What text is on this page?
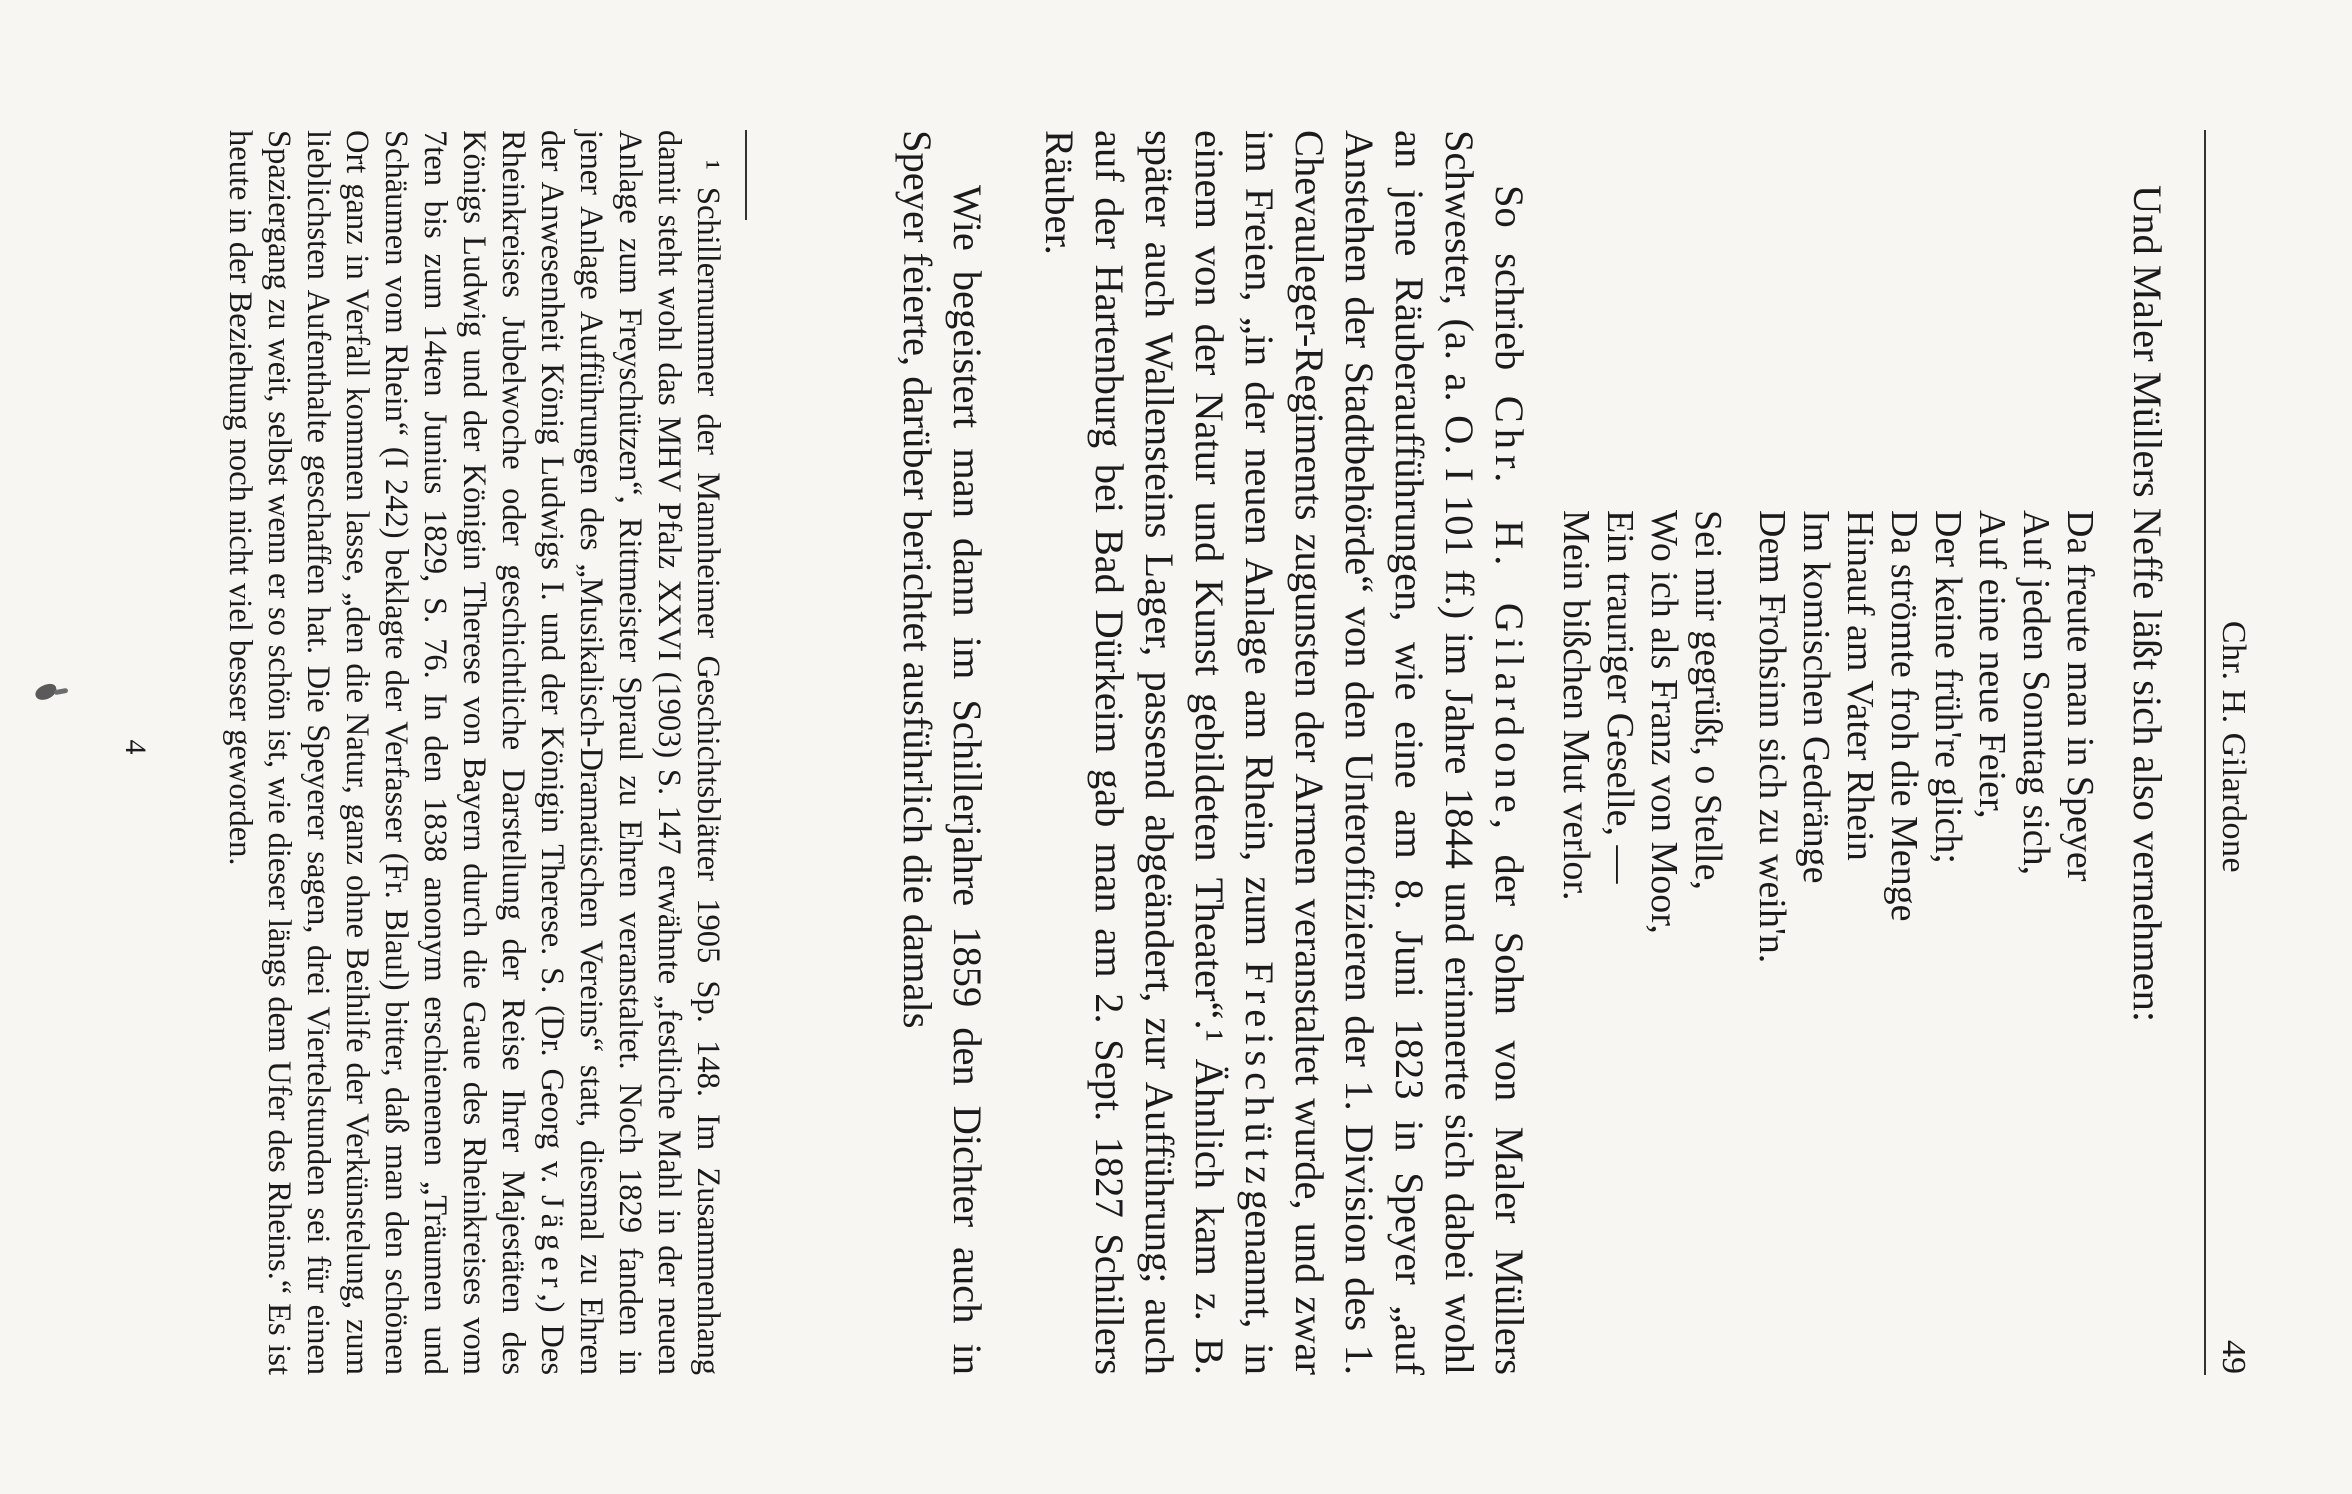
Chr. H. Gilardone
49

Und Maler Müllers Neffe läßt sich also vernehmen:

Da freute man in Speyer
Auf jeden Sonntag sich,
Auf eine neue Feier,
Der keine früh're glich;
Da strömte froh die Menge
Hinauf am Vater Rhein
Im komischen Gedränge
Dem Frohsinn sich zu weih'n.
Sei mir gegrüßt, o Stelle,
Wo ich als Franz von Moor,
Ein trauriger Geselle, —
Mein bißchen Mut verlor.

So schrieb Chr. H. Gilardone, der Sohn von Maler Müllers Schwester, (a. a. O. I 101 ff.) im Jahre 1844 und erinnerte sich dabei wohl an jene Räuberaufführungen, wie eine am 8. Juni 1823 in Speyer „auf Anstehen der Stadtbehörde“ von den Unteroffizieren der 1. Division des 1. Chevauleger-Regiments zugunsten der Armen veranstaltet wurde, und zwar im Freien, „in der neuen Anlage am Rhein, zum Freischützgenannt, in einem von der Natur und Kunst gebildeten Theater“.¹ Ähnlich kam z. B. später auch Wallensteins Lager, passend abgeändert, zur Aufführung; auch auf der Hartenburg bei Bad Dürkeim gab man am 2. Sept. 1827 Schillers Räuber.

Wie begeistert man dann im Schillerjahre 1859 den Dichter auch in Speyer feierte, darüber berichtet ausführlich die damals

¹ Schillernummer der Mannheimer Geschichtsblätter 1905 Sp. 148. Im Zusammenhang damit steht wohl das MHV Pfalz XXVI (1903) S. 147 erwähnte „festliche Mahl in der neuen Anlage zum Freyschützen“, Rittmeister Spraul zu Ehren veranstaltet. Noch 1829 fanden in jener Anlage Aufführungen des „Musikalisch-Dramatischen Vereins“ statt, diesmal zu Ehren der Anwesenheit König Ludwigs I. und der Königin Therese. S. (Dr. Georg v. Jäger,) Des Rheinkreises Jubelwoche oder geschichtliche Darstellung der Reise Ihrer Majestäten des Königs Ludwig und der Königin Therese von Bayern durch die Gaue des Rheinkreises vom 7ten bis zum 14ten Junius 1829, S. 76. In den 1838 anonym erschienenen „Träumen und Schäumen vom Rhein“ (I 242) beklagte der Verfasser (Fr. Blaul) bitter, daß man den schönen Ort ganz in Verfall kommen lasse, „den die Natur, ganz ohne Beihilfe der Verkünstelung, zum lieblichsten Aufenthalte geschaffen hat. Die Speyerer sagen, drei Viertelstunden sei für einen Spaziergang zu weit, selbst wenn er so schön ist, wie dieser längs dem Ufer des Rheins.“ Es ist heute in der Beziehung noch nicht viel besser geworden.

4
